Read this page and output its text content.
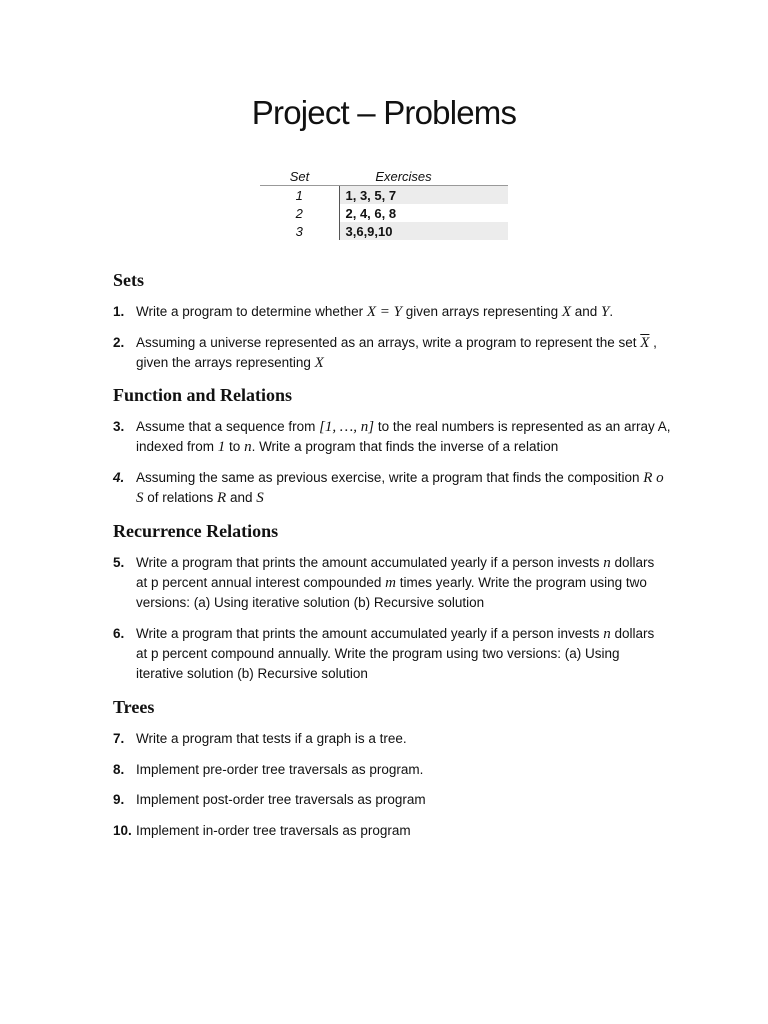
Project – Problems
Set	Exercises
1	1, 3, 5, 7
2	2, 4, 6, 8
3	3,6,9,10
Sets
1. Write a program to determine whether X = Y given arrays representing X and Y.
2. Assuming a universe represented as an arrays, write a program to represent the set $\overline{X}$ ,
given the arrays representing X
Function and Relations
3. Assume that a sequence from [1, …, n] to the real numbers is represented as an array A,
indexed from 1 to n. Write a program that finds the inverse of a relation
4. Assuming the same as previous exercise, write a program that finds the composition R o
S of relations R and S
Recurrence Relations
5. Write a program that prints the amount accumulated yearly if a person invests n dollars
at p percent annual interest compounded m times yearly. Write the program using two
versions: (a) Using iterative solution (b) Recursive solution
6. Write a program that prints the amount accumulated yearly if a person invests n dollars
at p percent compound annually. Write the program using two versions: (a) Using
iterative solution (b) Recursive solution
Trees
7. Write a program that tests if a graph is a tree.
8. Implement pre-order tree traversals as program.
9. Implement post-order tree traversals as program
10. Implement in-order tree traversals as program
